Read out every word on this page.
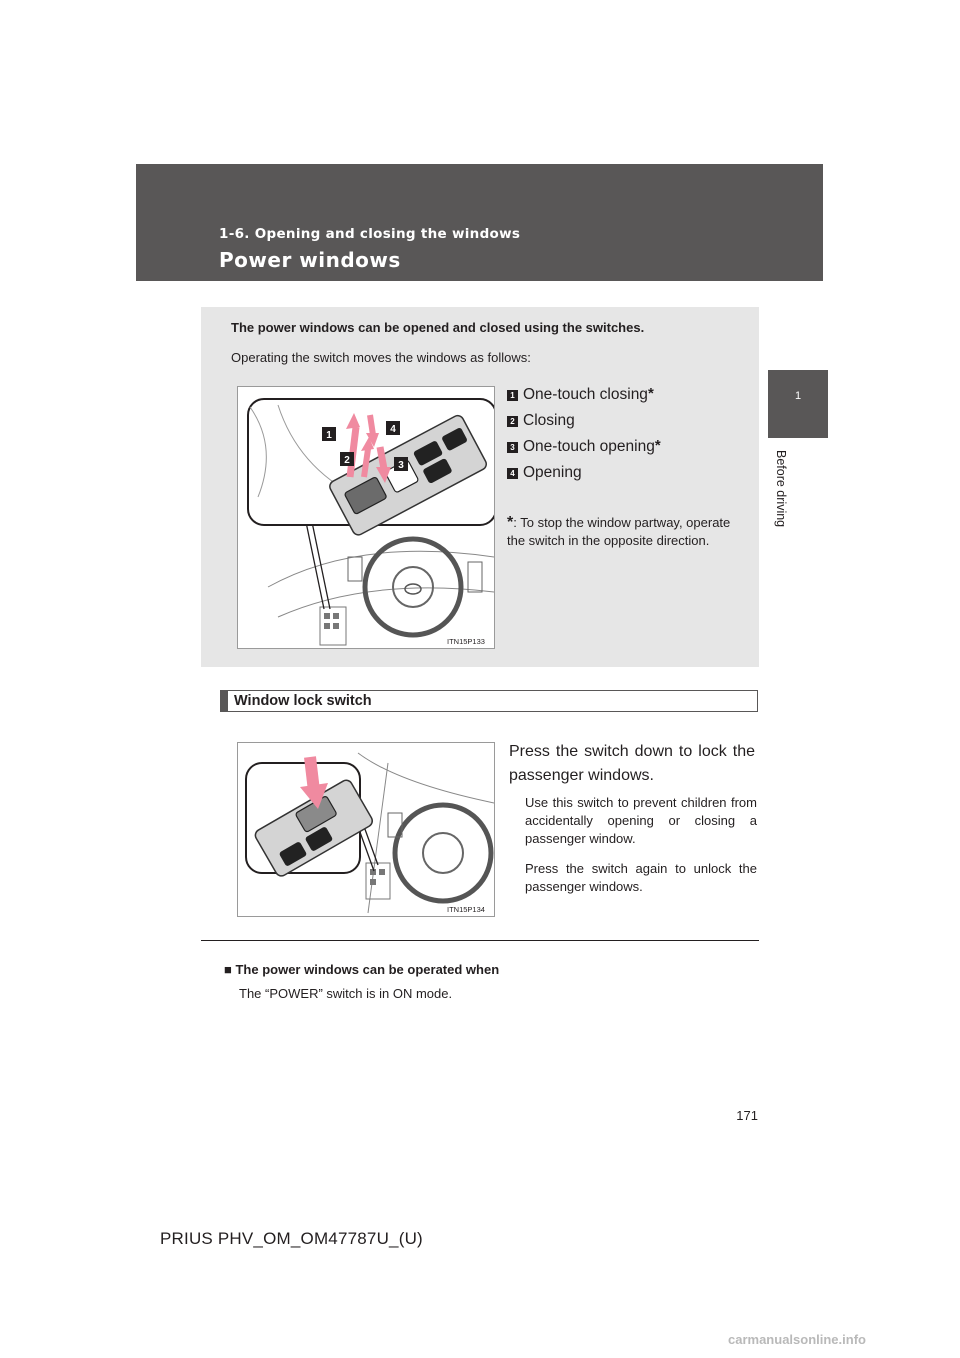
1-6. Opening and closing the windows
Power windows
1
Before driving
The power windows can be opened and closed using the switches.
Operating the switch moves the windows as follows:
1
2	3
4
ITN15P133
1 One-touch closing*
2 Closing
3 One-touch opening*
4 Opening
*: To stop the window partway, operate the switch in the opposite direction.
Window lock switch
ITN15P134
Press the switch down to lock the passenger windows.
Use this switch to prevent children from accidentally opening or closing a passenger window.
Press the switch again to unlock the passenger windows.
■ The power windows can be operated when
The “POWER” switch is in ON mode.
171
PRIUS PHV_OM_OM47787U_(U)
carmanualsonline.info
